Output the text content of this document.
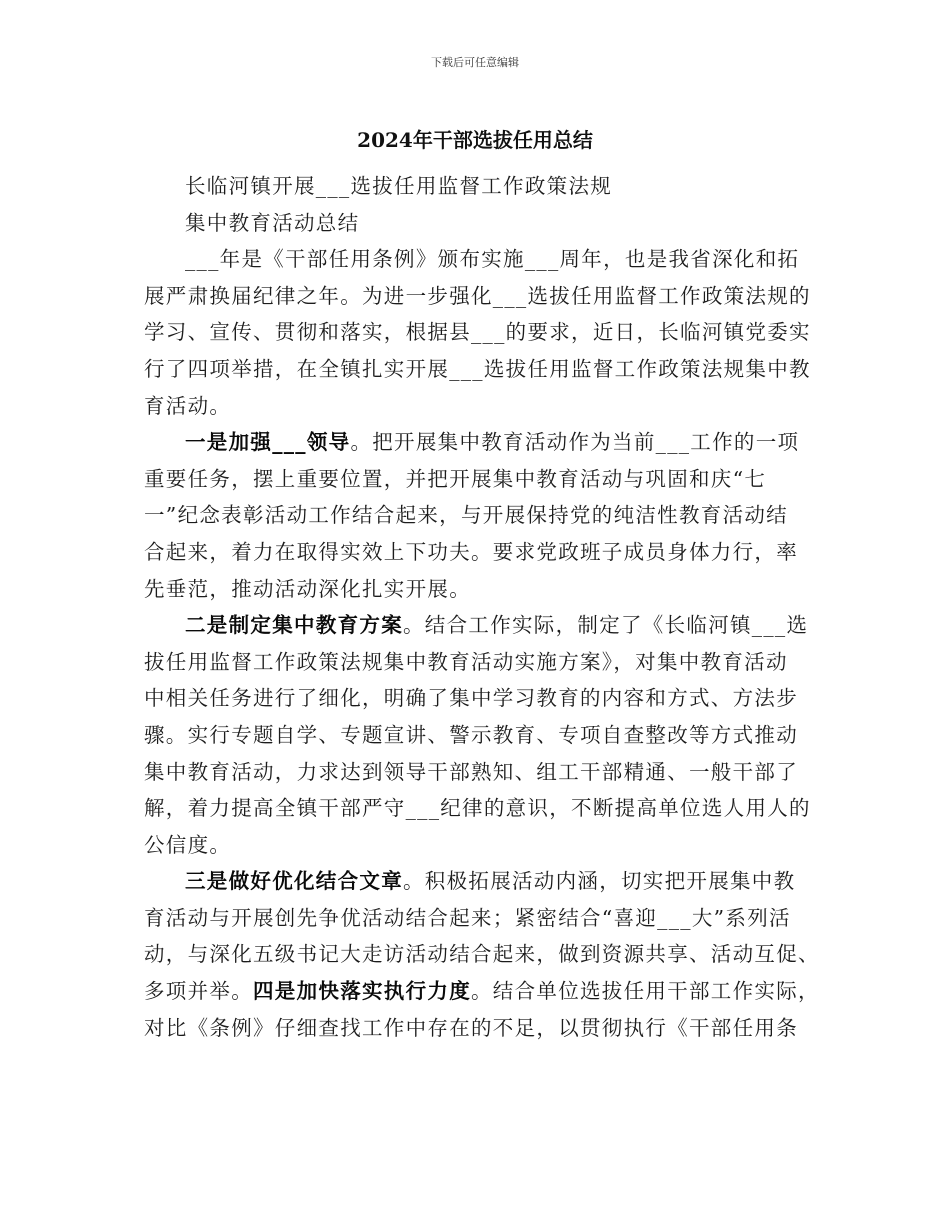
下载后可任意编辑
2024年干部选拔任用总结
长临河镇开展___选拔任用监督工作政策法规
集中教育活动总结
___年是《干部任用条例》颁布实施___周年，也是我省深化和拓
展严肃换届纪律之年。为进一步强化___选拔任用监督工作政策法规的
学习、宣传、贯彻和落实，根据县___的要求，近日，长临河镇党委实
行了四项举措，在全镇扎实开展___选拔任用监督工作政策法规集中教
育活动。
一是加强___领导。把开展集中教育活动作为当前___工作的一项
重要任务，摆上重要位置，并把开展集中教育活动与巩固和庆“七
一”纪念表彰活动工作结合起来，与开展保持党的纯洁性教育活动结
合起来，着力在取得实效上下功夫。要求党政班子成员身体力行，率
先垂范，推动活动深化扎实开展。
二是制定集中教育方案。结合工作实际，制定了《长临河镇___选
拔任用监督工作政策法规集中教育活动实施方案》，对集中教育活动
中相关任务进行了细化，明确了集中学习教育的内容和方式、方法步
骤。实行专题自学、专题宣讲、警示教育、专项自查整改等方式推动
集中教育活动，力求达到领导干部熟知、组工干部精通、一般干部了
解，着力提高全镇干部严守___纪律的意识，不断提高单位选人用人的
公信度。
三是做好优化结合文章。积极拓展活动内涵，切实把开展集中教
育活动与开展创先争优活动结合起来；紧密结合“喜迎___大”系列活
动，与深化五级书记大走访活动结合起来，做到资源共享、活动互促、
多项并举。四是加快落实执行力度。结合单位选拔任用干部工作实际，
对比《条例》仔细查找工作中存在的不足，以贯彻执行《干部任用条
